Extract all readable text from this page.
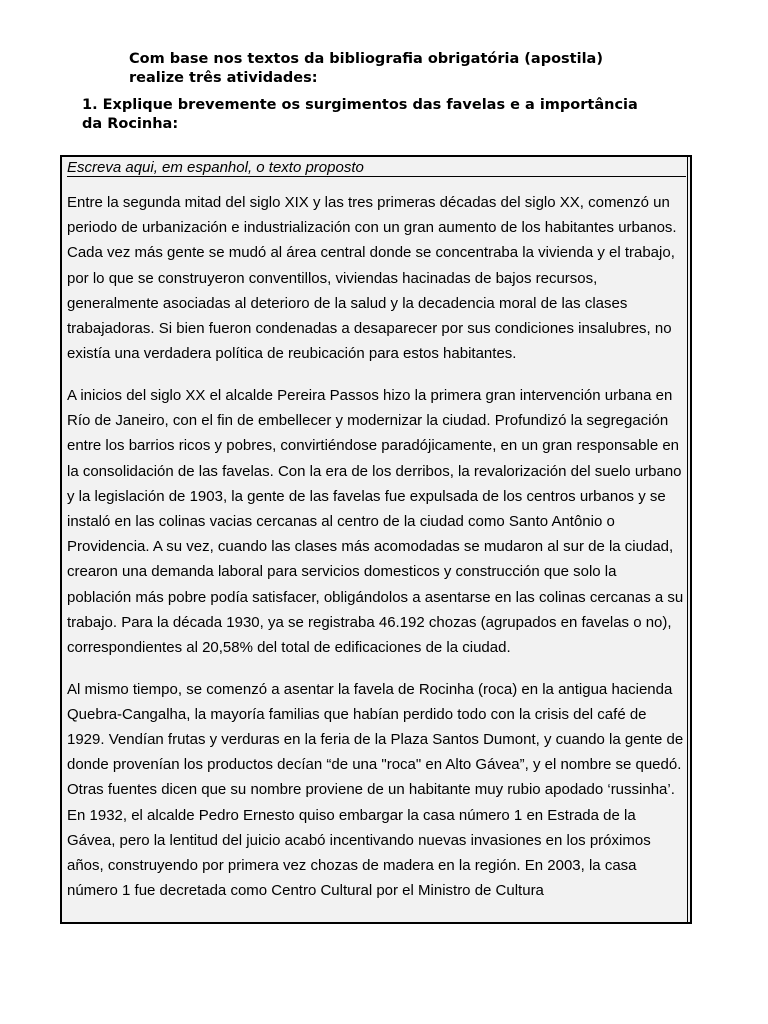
Com base nos textos da bibliografia obrigatória (apostila)
realize três atividades:
1. Explique brevemente os surgimentos das favelas e a importância
da Rocinha:
Escreva aqui, em espanhol, o texto proposto

Entre la segunda mitad del siglo XIX y las tres primeras décadas del siglo XX, comenzó un periodo de urbanización e industrialización con un gran aumento de los habitantes urbanos. Cada vez más gente se mudó al área central donde se concentraba la vivienda y el trabajo, por lo que se construyeron conventillos, viviendas hacinadas de bajos recursos, generalmente asociadas al deterioro de la salud y la decadencia moral de las clases trabajadoras. Si bien fueron condenadas a desaparecer por sus condiciones insalubres, no existía una verdadera política de reubicación para estos habitantes.

A inicios del siglo XX el alcalde Pereira Passos hizo la primera gran intervención urbana en Río de Janeiro, con el fin de embellecer y modernizar la ciudad. Profundizó la segregación entre los barrios ricos y pobres, convirtiéndose paradójicamente, en un gran responsable en la consolidación de las favelas. Con la era de los derribos, la revalorización del suelo urbano y la legislación de 1903, la gente de las favelas fue expulsada de los centros urbanos y se instaló en las colinas vacias cercanas al centro de la ciudad como Santo Antônio o Providencia. A su vez, cuando las clases más acomodadas se mudaron al sur de la ciudad, crearon una demanda laboral para servicios domesticos y construcción que solo la población más pobre podía satisfacer, obligándolos a asentarse en las colinas cercanas a su trabajo. Para la década 1930, ya se registraba 46.192 chozas (agrupados en favelas o no), correspondientes al 20,58% del total de edificaciones de la ciudad.

Al mismo tiempo, se comenzó a asentar la favela de Rocinha (roca) en la antigua hacienda Quebra-Cangalha, la mayoría familias que habían perdido todo con la crisis del café de 1929. Vendían frutas y verduras en la feria de la Plaza Santos Dumont, y cuando la gente de donde provenían los productos decían “de una "roca" en Alto Gávea”, y el nombre se quedó. Otras fuentes dicen que su nombre proviene de un habitante muy rubio apodado ‘russinha’. En 1932, el alcalde Pedro Ernesto quiso embargar la casa número 1 en Estrada de la Gávea, pero la lentitud del juicio acabó incentivando nuevas invasiones en los próximos años, construyendo por primera vez chozas de madera en la región. En 2003, la casa número 1 fue decretada como Centro Cultural por el Ministro de Cultura
